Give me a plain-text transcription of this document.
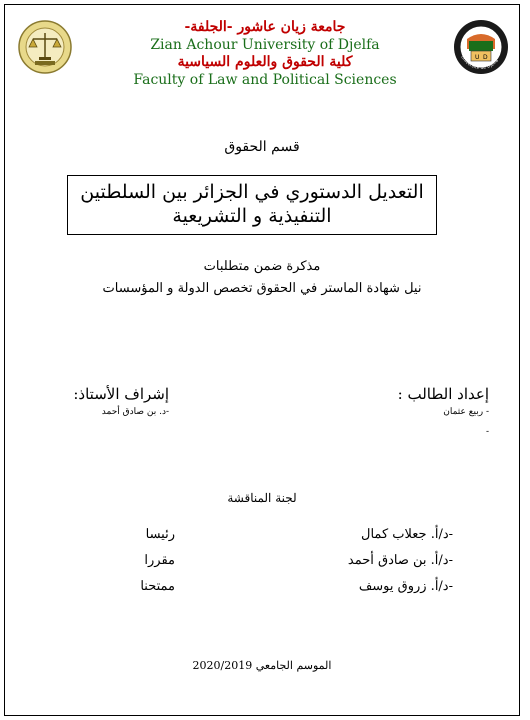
جامعة زيان عاشور -الجلفة-
Zian Achour University of Djelfa
كلية الحقوق والعلوم السياسية
Faculty of Law and Political Sciences
U D
Université de Djelfa
قسم الحقوق
التعديل الدستوري في الجزائر بين السلطتين
التنفيذية و التشريعية
مذكرة ضمن متطلبات
نيل شهادة الماستر في الحقوق تخصص الدولة و المؤسسات
إعداد الطالب :
- ربيع عثمان
-
إشراف الأستاذ:
-د. بن صادق أحمد
لجنة المناقشة
-د/أ. جعلاب كمال
رئيسا
-د/أ. بن صادق أحمد
مقررا
-د/أ. زروق يوسف
ممتحنا
الموسم الجامعي 2020/2019
